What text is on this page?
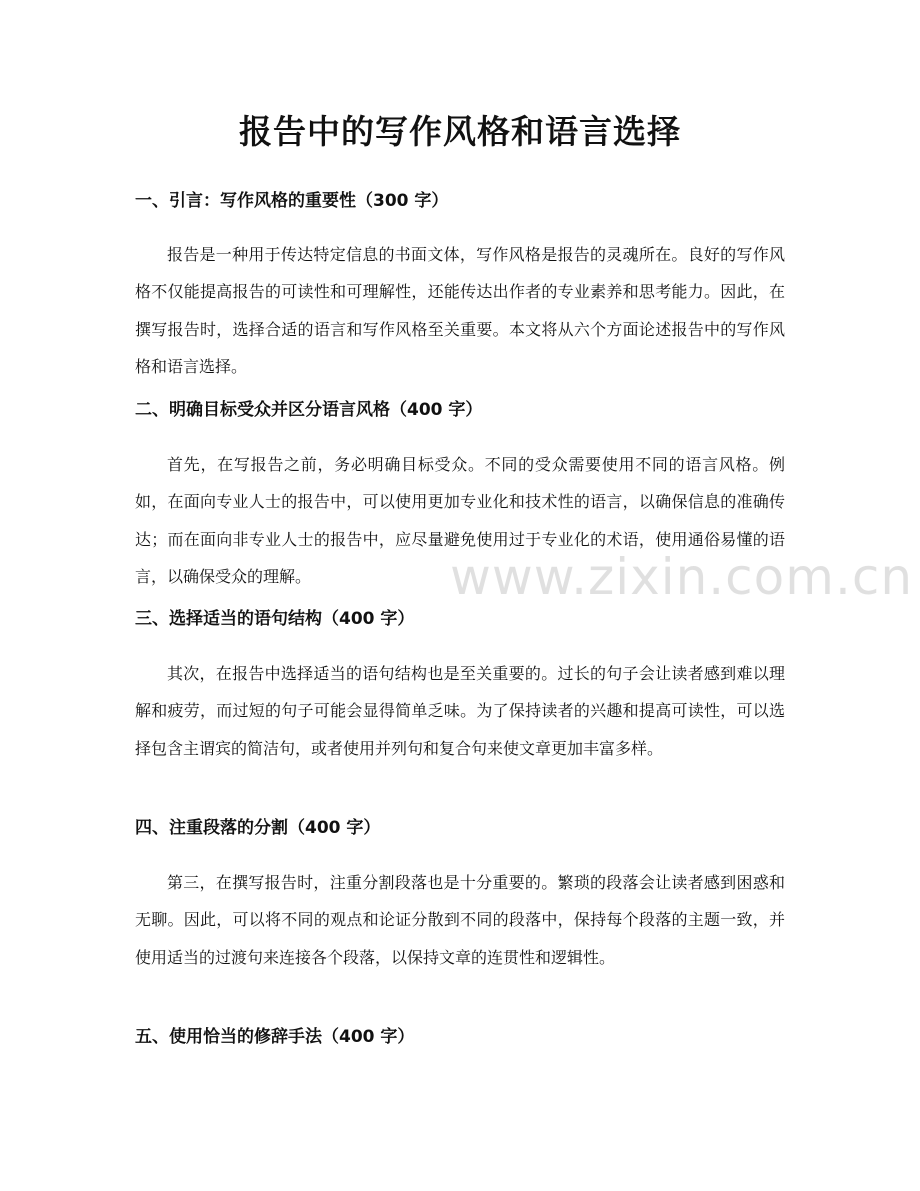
报告中的写作风格和语言选择
一、引言：写作风格的重要性（300 字）

报告是一种用于传达特定信息的书面文体，写作风格是报告的灵魂所在。良好的写作风格不仅能提高报告的可读性和可理解性，还能传达出作者的专业素养和思考能力。因此，在撰写报告时，选择合适的语言和写作风格至关重要。本文将从六个方面论述报告中的写作风格和语言选择。

二、明确目标受众并区分语言风格（400 字）

首先，在写报告之前，务必明确目标受众。不同的受众需要使用不同的语言风格。例如，在面向专业人士的报告中，可以使用更加专业化和技术性的语言，以确保信息的准确传达；而在面向非专业人士的报告中，应尽量避免使用过于专业化的术语，使用通俗易懂的语言，以确保受众的理解。

三、选择适当的语句结构（400 字）

其次，在报告中选择适当的语句结构也是至关重要的。过长的句子会让读者感到难以理解和疲劳，而过短的句子可能会显得简单乏味。为了保持读者的兴趣和提高可读性，可以选择包含主谓宾的简洁句，或者使用并列句和复合句来使文章更加丰富多样。

四、注重段落的分割（400 字）

第三，在撰写报告时，注重分割段落也是十分重要的。繁琐的段落会让读者感到困惑和无聊。因此，可以将不同的观点和论证分散到不同的段落中，保持每个段落的主题一致，并使用适当的过渡句来连接各个段落，以保持文章的连贯性和逻辑性。

五、使用恰当的修辞手法（400 字）
www.zixin.com.cn
